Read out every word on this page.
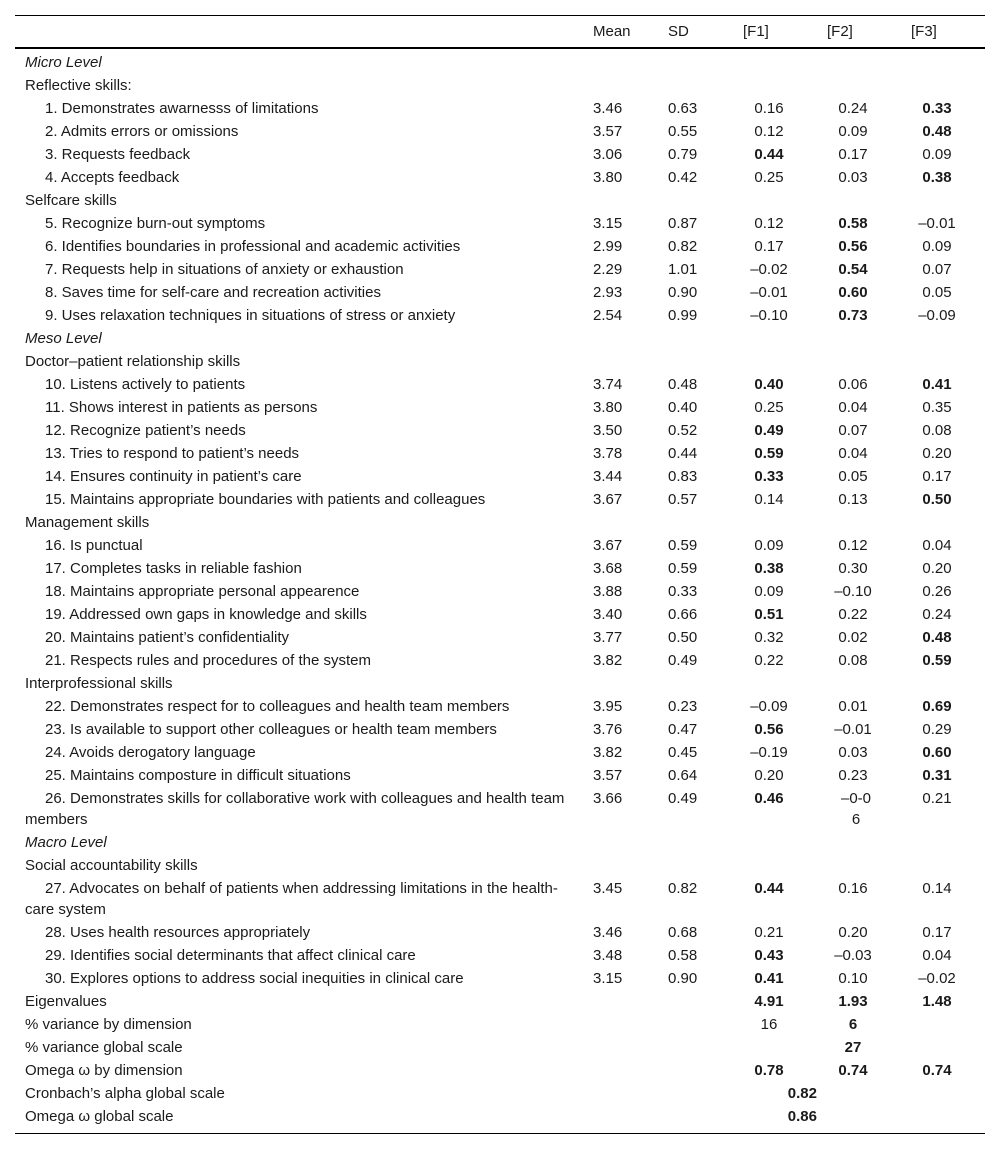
	Mean	SD	[F1]	[F2]	[F3]
Micro Level					
Reflective skills:					
1. Demonstrates awarnesss of limitations	3.46	0.63	0.16	0.24	0.33
2. Admits errors or omissions	3.57	0.55	0.12	0.09	0.48
3. Requests feedback	3.06	0.79	0.44	0.17	0.09
4. Accepts feedback	3.80	0.42	0.25	0.03	0.38
Selfcare skills					
5. Recognize burn-out symptoms	3.15	0.87	0.12	0.58	–0.01
6. Identifies boundaries in professional and academic activities	2.99	0.82	0.17	0.56	0.09
7. Requests help in situations of anxiety or exhaustion	2.29	1.01	–0.02	0.54	0.07
8. Saves time for self-care and recreation activities	2.93	0.90	–0.01	0.60	0.05
9. Uses relaxation techniques in situations of stress or anxiety	2.54	0.99	–0.10	0.73	–0.09
Meso Level					
Doctor–patient relationship skills					
10. Listens actively to patients	3.74	0.48	0.40	0.06	0.41
11. Shows interest in patients as persons	3.80	0.40	0.25	0.04	0.35
12. Recognize patient’s needs	3.50	0.52	0.49	0.07	0.08
13. Tries to respond to patient’s needs	3.78	0.44	0.59	0.04	0.20
14. Ensures continuity in patient’s care	3.44	0.83	0.33	0.05	0.17
15. Maintains appropriate boundaries with patients and colleagues	3.67	0.57	0.14	0.13	0.50
Management skills					
16. Is punctual	3.67	0.59	0.09	0.12	0.04
17. Completes tasks in reliable fashion	3.68	0.59	0.38	0.30	0.20
18. Maintains appropriate personal appearence	3.88	0.33	0.09	–0.10	0.26
19. Addressed own gaps in knowledge and skills	3.40	0.66	0.51	0.22	0.24
20. Maintains patient’s confidentiality	3.77	0.50	0.32	0.02	0.48
21. Respects rules and procedures of the system	3.82	0.49	0.22	0.08	0.59
Interprofessional skills					
22. Demonstrates respect for to colleagues and health team members	3.95	0.23	–0.09	0.01	0.69
23. Is available to support other colleagues or health team members	3.76	0.47	0.56	–0.01	0.29
24. Avoids derogatory language	3.82	0.45	–0.19	0.03	0.60
25. Maintains composture in difficult situations	3.57	0.64	0.20	0.23	0.31
26. Demonstrates skills for collaborative work with colleagues and health team members	3.66	0.49	0.46	–0-06	0.21
Macro Level					
Social accountability skills					
27. Advocates on behalf of patients when addressing limitations in the health-care system	3.45	0.82	0.44	0.16	0.14
28. Uses health resources appropriately	3.46	0.68	0.21	0.20	0.17
29. Identifies social determinants that affect clinical care	3.48	0.58	0.43	–0.03	0.04
30. Explores options to address social inequities in clinical care	3.15	0.90	0.41	0.10	–0.02
Eigenvalues			4.91	1.93	1.48
% variance by dimension			16	6	
% variance global scale				27	
Omega ω by dimension			0.78	0.74	0.74
Cronbach’s alpha global scale			0.82		
Omega ω global scale			0.86		
